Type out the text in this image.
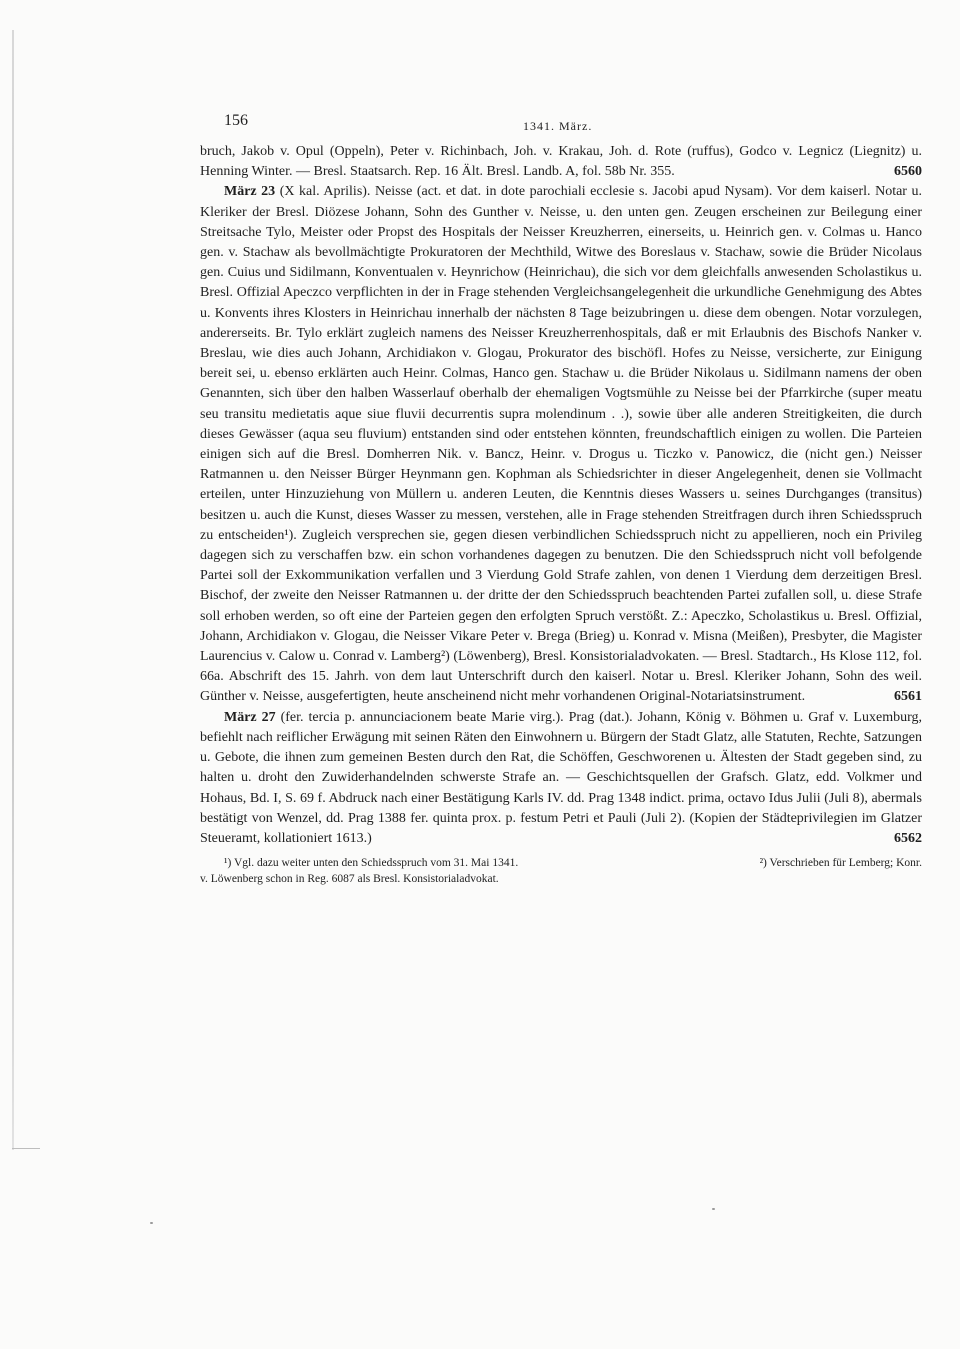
156	1341. März.

bruch, Jakob v. Opul (Oppeln), Peter v. Richinbach, Joh. v. Krakau, Joh. d. Rote (ruffus), Godco v. Legnicz (Liegnitz) u. Henning Winter. — Bresl. Staatsarch. Rep. 16 Ält. Bresl. Landb. A, fol. 58b Nr. 355.	6560

März 23 (X kal. Aprilis). Neisse (act. et dat. in dote parochiali ecclesie s. Jacobi apud Nysam). Vor dem kaiserl. Notar u. Kleriker der Bresl. Diözese Johann, Sohn des Gunther v. Neisse, u. den unten gen. Zeugen erscheinen zur Beilegung einer Streitsache Tylo, Meister oder Propst des Hospitals der Neisser Kreuzherren, einerseits, u. Heinrich gen. v. Colmas u. Hanco gen. v. Stachaw als bevollmächtigte Prokuratoren der Mechthild, Witwe des Boreslaus v. Stachaw, sowie die Brüder Nicolaus gen. Cuius und Sidilmann, Konventualen v. Heynrichow (Heinrichau), die sich vor dem gleichfalls anwesenden Scholastikus u. Bresl. Offizial Apeczco verpflichten in der in Frage stehenden Vergleichsangelegenheit die urkundliche Genehmigung des Abtes u. Konvents ihres Klosters in Heinrichau innerhalb der nächsten 8 Tage beizubringen u. diese dem obengen. Notar vorzulegen, andererseits. Br. Tylo erklärt zugleich namens des Neisser Kreuzherrenhospitals, daß er mit Erlaubnis des Bischofs Nanker v. Breslau, wie dies auch Johann, Archidiakon v. Glogau, Prokurator des bischöfl. Hofes zu Neisse, versicherte, zur Einigung bereit sei, u. ebenso erklärten auch Heinr. Colmas, Hanco gen. Stachaw u. die Brüder Nikolaus u. Sidilmann namens der oben Genannten, sich über den halben Wasserlauf oberhalb der ehemaligen Vogtsmühle zu Neisse bei der Pfarrkirche (super meatu seu transitu medietatis aque siue fluvii decurrentis supra molendinum . .), sowie über alle anderen Streitigkeiten, die durch dieses Gewässer (aqua seu fluvium) entstanden sind oder entstehen könnten, freundschaftlich einigen zu wollen. Die Parteien einigen sich auf die Bresl. Domherren Nik. v. Bancz, Heinr. v. Drogus u. Ticzko v. Panowicz, die (nicht gen.) Neisser Ratmannen u. den Neisser Bürger Heynmann gen. Kophman als Schiedsrichter in dieser Angelegenheit, denen sie Vollmacht erteilen, unter Hinzuziehung von Müllern u. anderen Leuten, die Kenntnis dieses Wassers u. seines Durchganges (transitus) besitzen u. auch die Kunst, dieses Wasser zu messen, verstehen, alle in Frage stehenden Streitfragen durch ihren Schiedsspruch zu entscheiden¹). Zugleich versprechen sie, gegen diesen verbindlichen Schiedsspruch nicht zu appellieren, noch ein Privileg dagegen sich zu verschaffen bzw. ein schon vorhandenes dagegen zu benutzen. Die den Schiedsspruch nicht voll befolgende Partei soll der Exkommunikation verfallen und 3 Vierdung Gold Strafe zahlen, von denen 1 Vierdung dem derzeitigen Bresl. Bischof, der zweite den Neisser Ratmannen u. der dritte der den Schiedsspruch beachtenden Partei zufallen soll, u. diese Strafe soll erhoben werden, so oft eine der Parteien gegen den erfolgten Spruch verstößt. Z.: Apeczko, Scholastikus u. Bresl. Offizial, Johann, Archidiakon v. Glogau, die Neisser Vikare Peter v. Brega (Brieg) u. Konrad v. Misna (Meißen), Presbyter, die Magister Laurencius v. Calow u. Conrad v. Lamberg²) (Löwenberg), Bresl. Konsistorialadvokaten. — Bresl. Stadtarch., Hs Klose 112, fol. 66a. Abschrift des 15. Jahrh. von dem laut Unterschrift durch den kaiserl. Notar u. Bresl. Kleriker Johann, Sohn des weil. Günther v. Neisse, ausgefertigten, heute anscheinend nicht mehr vorhandenen Original-Notariatsinstrument.	6561

März 27 (fer. tercia p. annunciacionem beate Marie virg.). Prag (dat.). Johann, König v. Böhmen u. Graf v. Luxemburg, befiehlt nach reiflicher Erwägung mit seinen Räten den Einwohnern u. Bürgern der Stadt Glatz, alle Statuten, Rechte, Satzungen u. Gebote, die ihnen zum gemeinen Besten durch den Rat, die Schöffen, Geschworenen u. Ältesten der Stadt gegeben sind, zu halten u. droht den Zuwiderhandelnden schwerste Strafe an. — Geschichtsquellen der Grafsch. Glatz, edd. Volkmer und Hohaus, Bd. I, S. 69 f. Abdruck nach einer Bestätigung Karls IV. dd. Prag 1348 indict. prima, octavo Idus Julii (Juli 8), abermals bestätigt von Wenzel, dd. Prag 1388 fer. quinta prox. p. festum Petri et Pauli (Juli 2). (Kopien der Städteprivilegien im Glatzer Steueramt, kollationiert 1613.)	6562

¹) Vgl. dazu weiter unten den Schiedsspruch vom 31. Mai 1341.	²) Verschrieben für Lemberg; Konr.
v. Löwenberg schon in Reg. 6087 als Bresl. Konsistorialadvokat.
